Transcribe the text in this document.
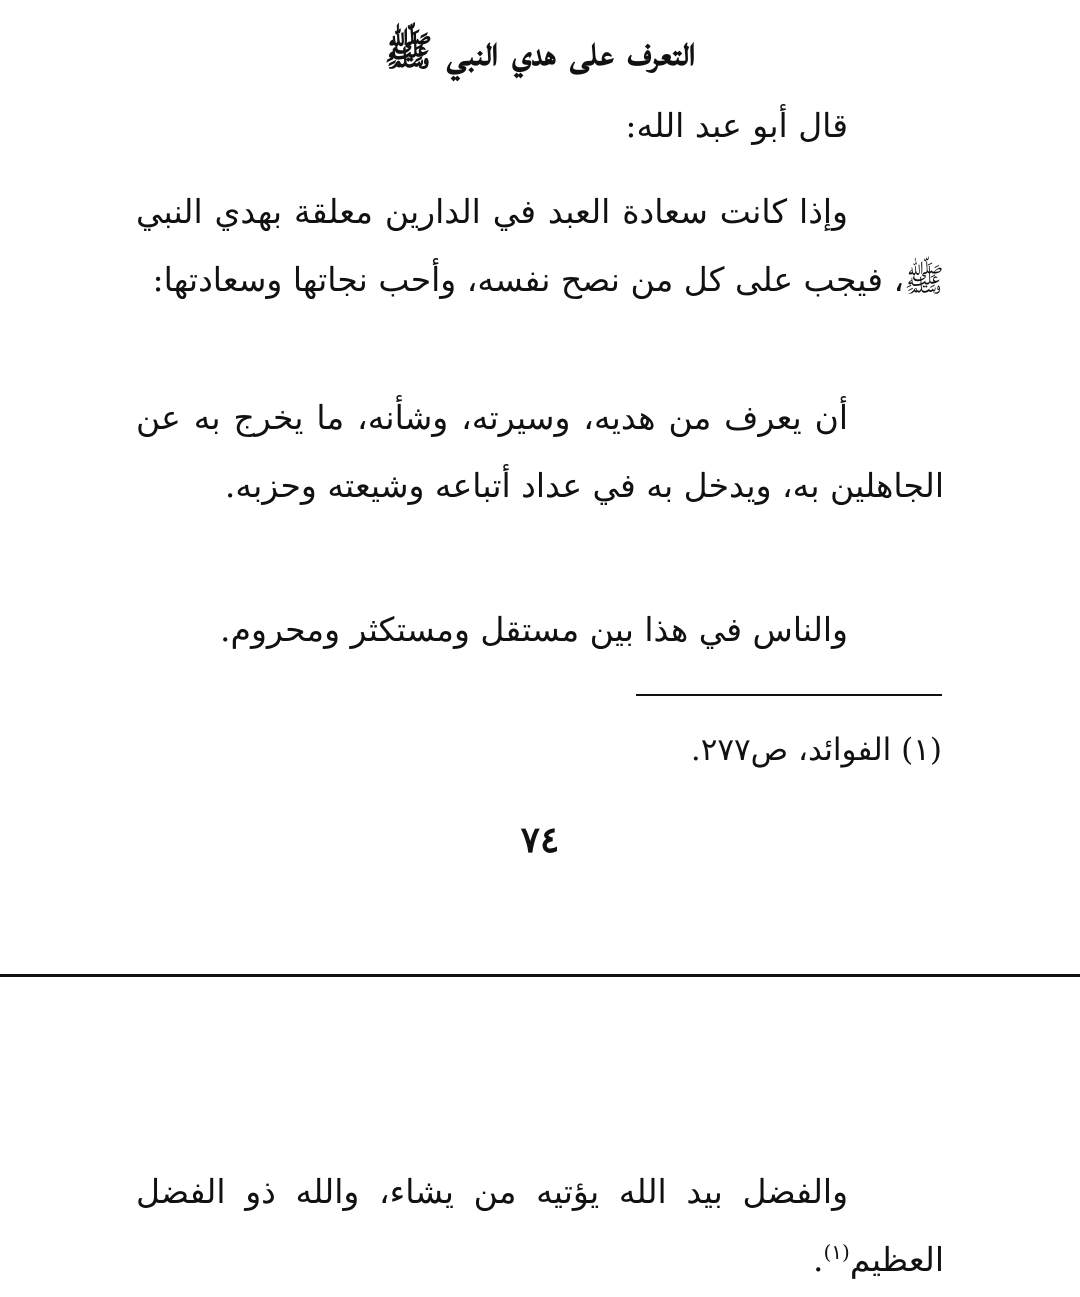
التعرف على هدي النبي ﷺ
قال أبو عبد الله:
وإذا كانت سعادة العبد في الدارين معلقة بهدي النبي ﷺ، فيجب على كل من نصح نفسه، وأحب نجاتها وسعادتها:
أن يعرف من هديه، وسيرته، وشأنه، ما يخرج به عن الجاهلين به، ويدخل به في عداد أتباعه وشيعته وحزبه.
والناس في هذا بين مستقل ومستكثر ومحروم.
(١) الفوائد، ص٢٧٧.
٧٤
والفضل بيد الله يؤتيه من يشاء، والله ذو الفضل العظيم$^{(١)}$.
